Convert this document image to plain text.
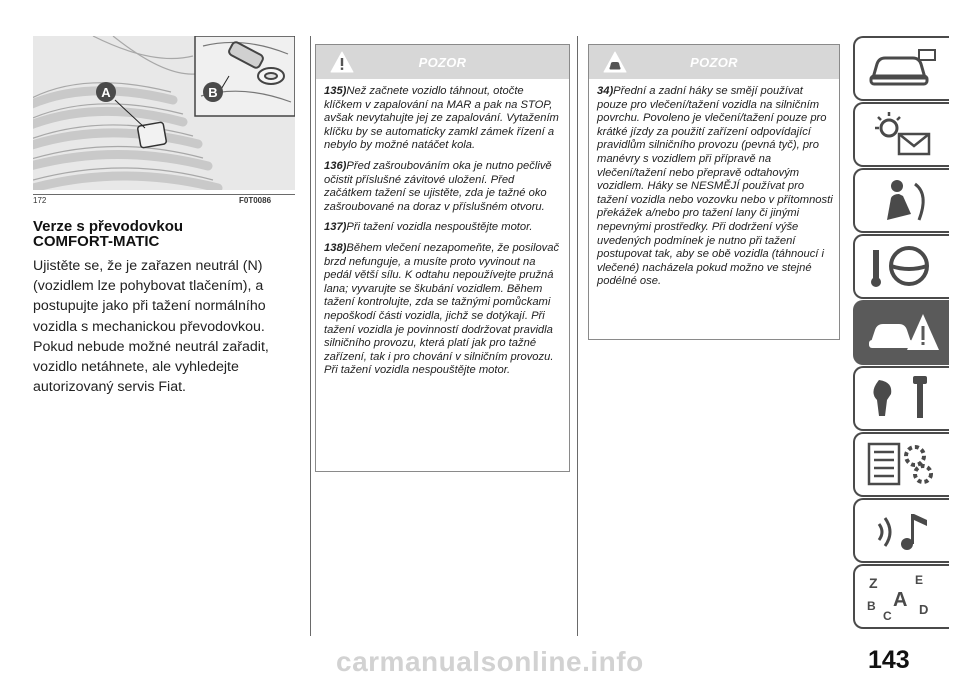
A	B
172	F0T0086
Verze s převodovkou
COMFORT-MATIC
Ujistěte se, že je zařazen neutrál (N) (vozidlem lze pohybovat tlačením), a postupujte jako při tažení normálního vozidla s mechanickou převodovkou. Pokud nebude možné neutrál zařadit, vozidlo netáhnete, ale vyhledejte autorizovaný servis Fiat.
POZOR

135)Než začnete vozidlo táhnout, otočte klíčkem v zapalování na MAR a pak na STOP, avšak nevytahujte jej ze zapalování. Vytažením klíčku by se automaticky zamkl zámek řízení a nebylo by možné natáčet kola.

136)Před zašroubováním oka je nutno pečlivě očistit příslušné závitové uložení. Před začátkem tažení se ujistěte, zda je tažné oko zašroubované na doraz v příslušném otvoru.

137)Při tažení vozidla nespouštějte motor.

138)Během vlečení nezapomeňte, že posilovač brzd nefunguje, a musíte proto vyvinout na pedál větší sílu. K odtahu nepoužívejte pružná lana; vyvarujte se škubání vozidlem. Během tažení kontrolujte, zda se tažnými pomůckami nepoškodí části vozidla, jichž se dotýkají. Při tažení vozidla je povinností dodržovat pravidla silničního provozu, která platí jak pro tažné zařízení, tak i pro chování v silničním provozu. Při tažení vozidla nespouštějte motor.

POZOR

34)Přední a zadní háky se smějí používat pouze pro vlečení/tažení vozidla na silničním povrchu. Povoleno je vlečení/tažení pouze pro krátké jízdy za použití zařízení odpovídající pravidlům silničního provozu (pevná tyč), pro manévry s vozidlem při přípravě na vlečení/tažení nebo přepravě odtahovým vozidlem. Háky se NESMĚJÍ používat pro tažení vozidla nebo vozovku nebo v přítomnosti překážek a/nebo pro tažení lany či jinými nepevnými prostředky. Při dodržení výše uvedených podmínek je nutno při tažení postupovat tak, aby se obě vozidla (táhnoucí i vlečené) nacházela pokud možno ve stejné podélné ose.

Z	E
B A
C D
carmanualsonline.info	143
